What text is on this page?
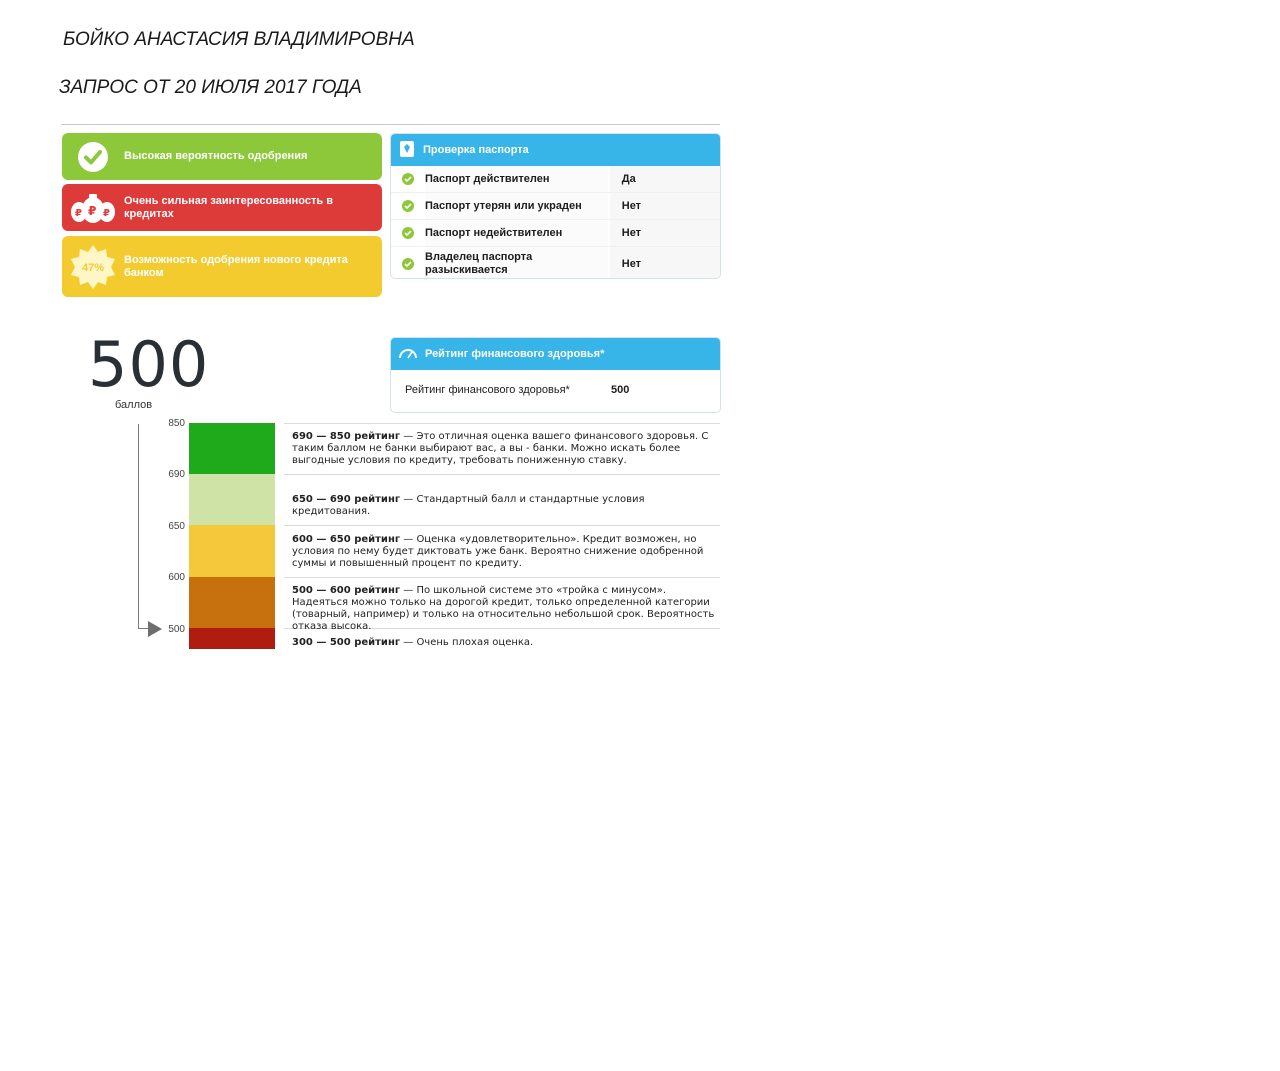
БОЙКО АНАСТАСИЯ ВЛАДИМИРОВНА
ЗАПРОС ОТ 20 ИЮЛЯ 2017 ГОДА
Высокая вероятность одобрения
₽ ₽
₽
Очень сильная заинтересованность в кредитах
47%
Возможность одобрения нового кредита банком
Проверка паспорта
Паспорт действителен	Да
Паспорт утерян или украден	Нет
Паспорт недействителен	Нет
Владелец паспорта разыскивается	Нет
500
баллов
Рейтинг финансового здоровья*
Рейтинг финансового здоровья*	500
850
690
650
600
500
690 — 850 рейтинг — Это отличная оценка вашего финансового здоровья. С таким баллом не банки выбирают вас, а вы - банки. Можно искать более выгодные условия по кредиту, требовать пониженную ставку.
650 — 690 рейтинг — Стандартный балл и стандартные условия кредитования.
600 — 650 рейтинг — Оценка «удовлетворительно». Кредит возможен, но условия по нему будет диктовать уже банк. Вероятно снижение одобренной суммы и повышенный процент по кредиту.
500 — 600 рейтинг — По школьной системе это «тройка с минусом». Надеяться можно только на дорогой кредит, только определенной категории (товарный, например) и только на относительно небольшой срок. Вероятность отказа высока.
300 — 500 рейтинг — Очень плохая оценка.
